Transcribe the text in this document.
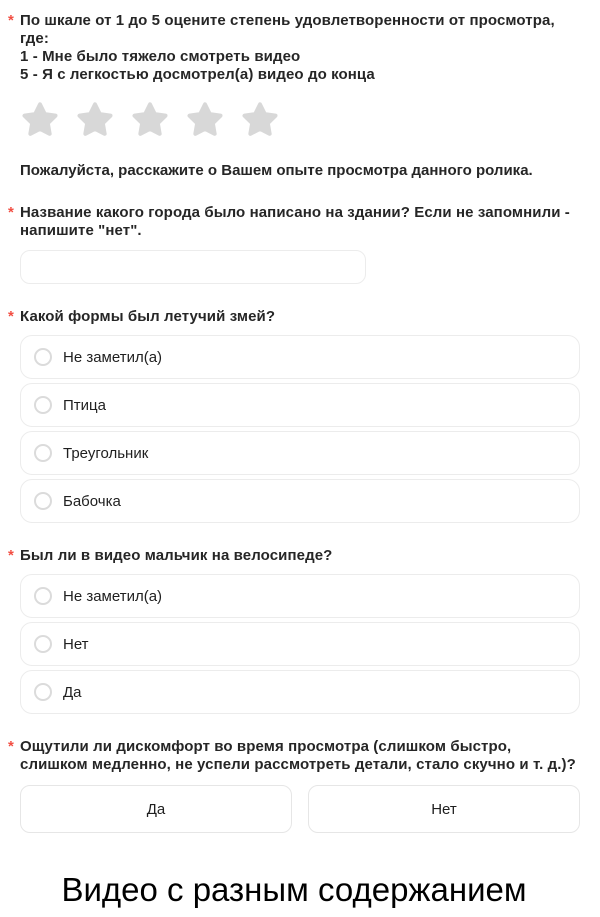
* По шкале от 1 до 5 оцените степень удовлетворенности от просмотра, где:
1 - Мне было тяжело смотреть видео
5 - Я с легкостью досмотрел(а) видео до конца

Пожалуйста, расскажите о Вашем опыте просмотра данного ролика.

* Название какого города было написано на здании? Если не запомнили - напишите "нет".
* Какой формы был летучий змей?
Не заметил(а)
Птица
Треугольник
Бабочка
* Был ли в видео мальчик на велосипеде?
Не заметил(а)
Нет
Да
* Ощутили ли дискомфорт во время просмотра (слишком быстро, слишком медленно, не успели рассмотреть детали, стало скучно и т. д.)?
Да	Нет
Видео с разным содержанием
